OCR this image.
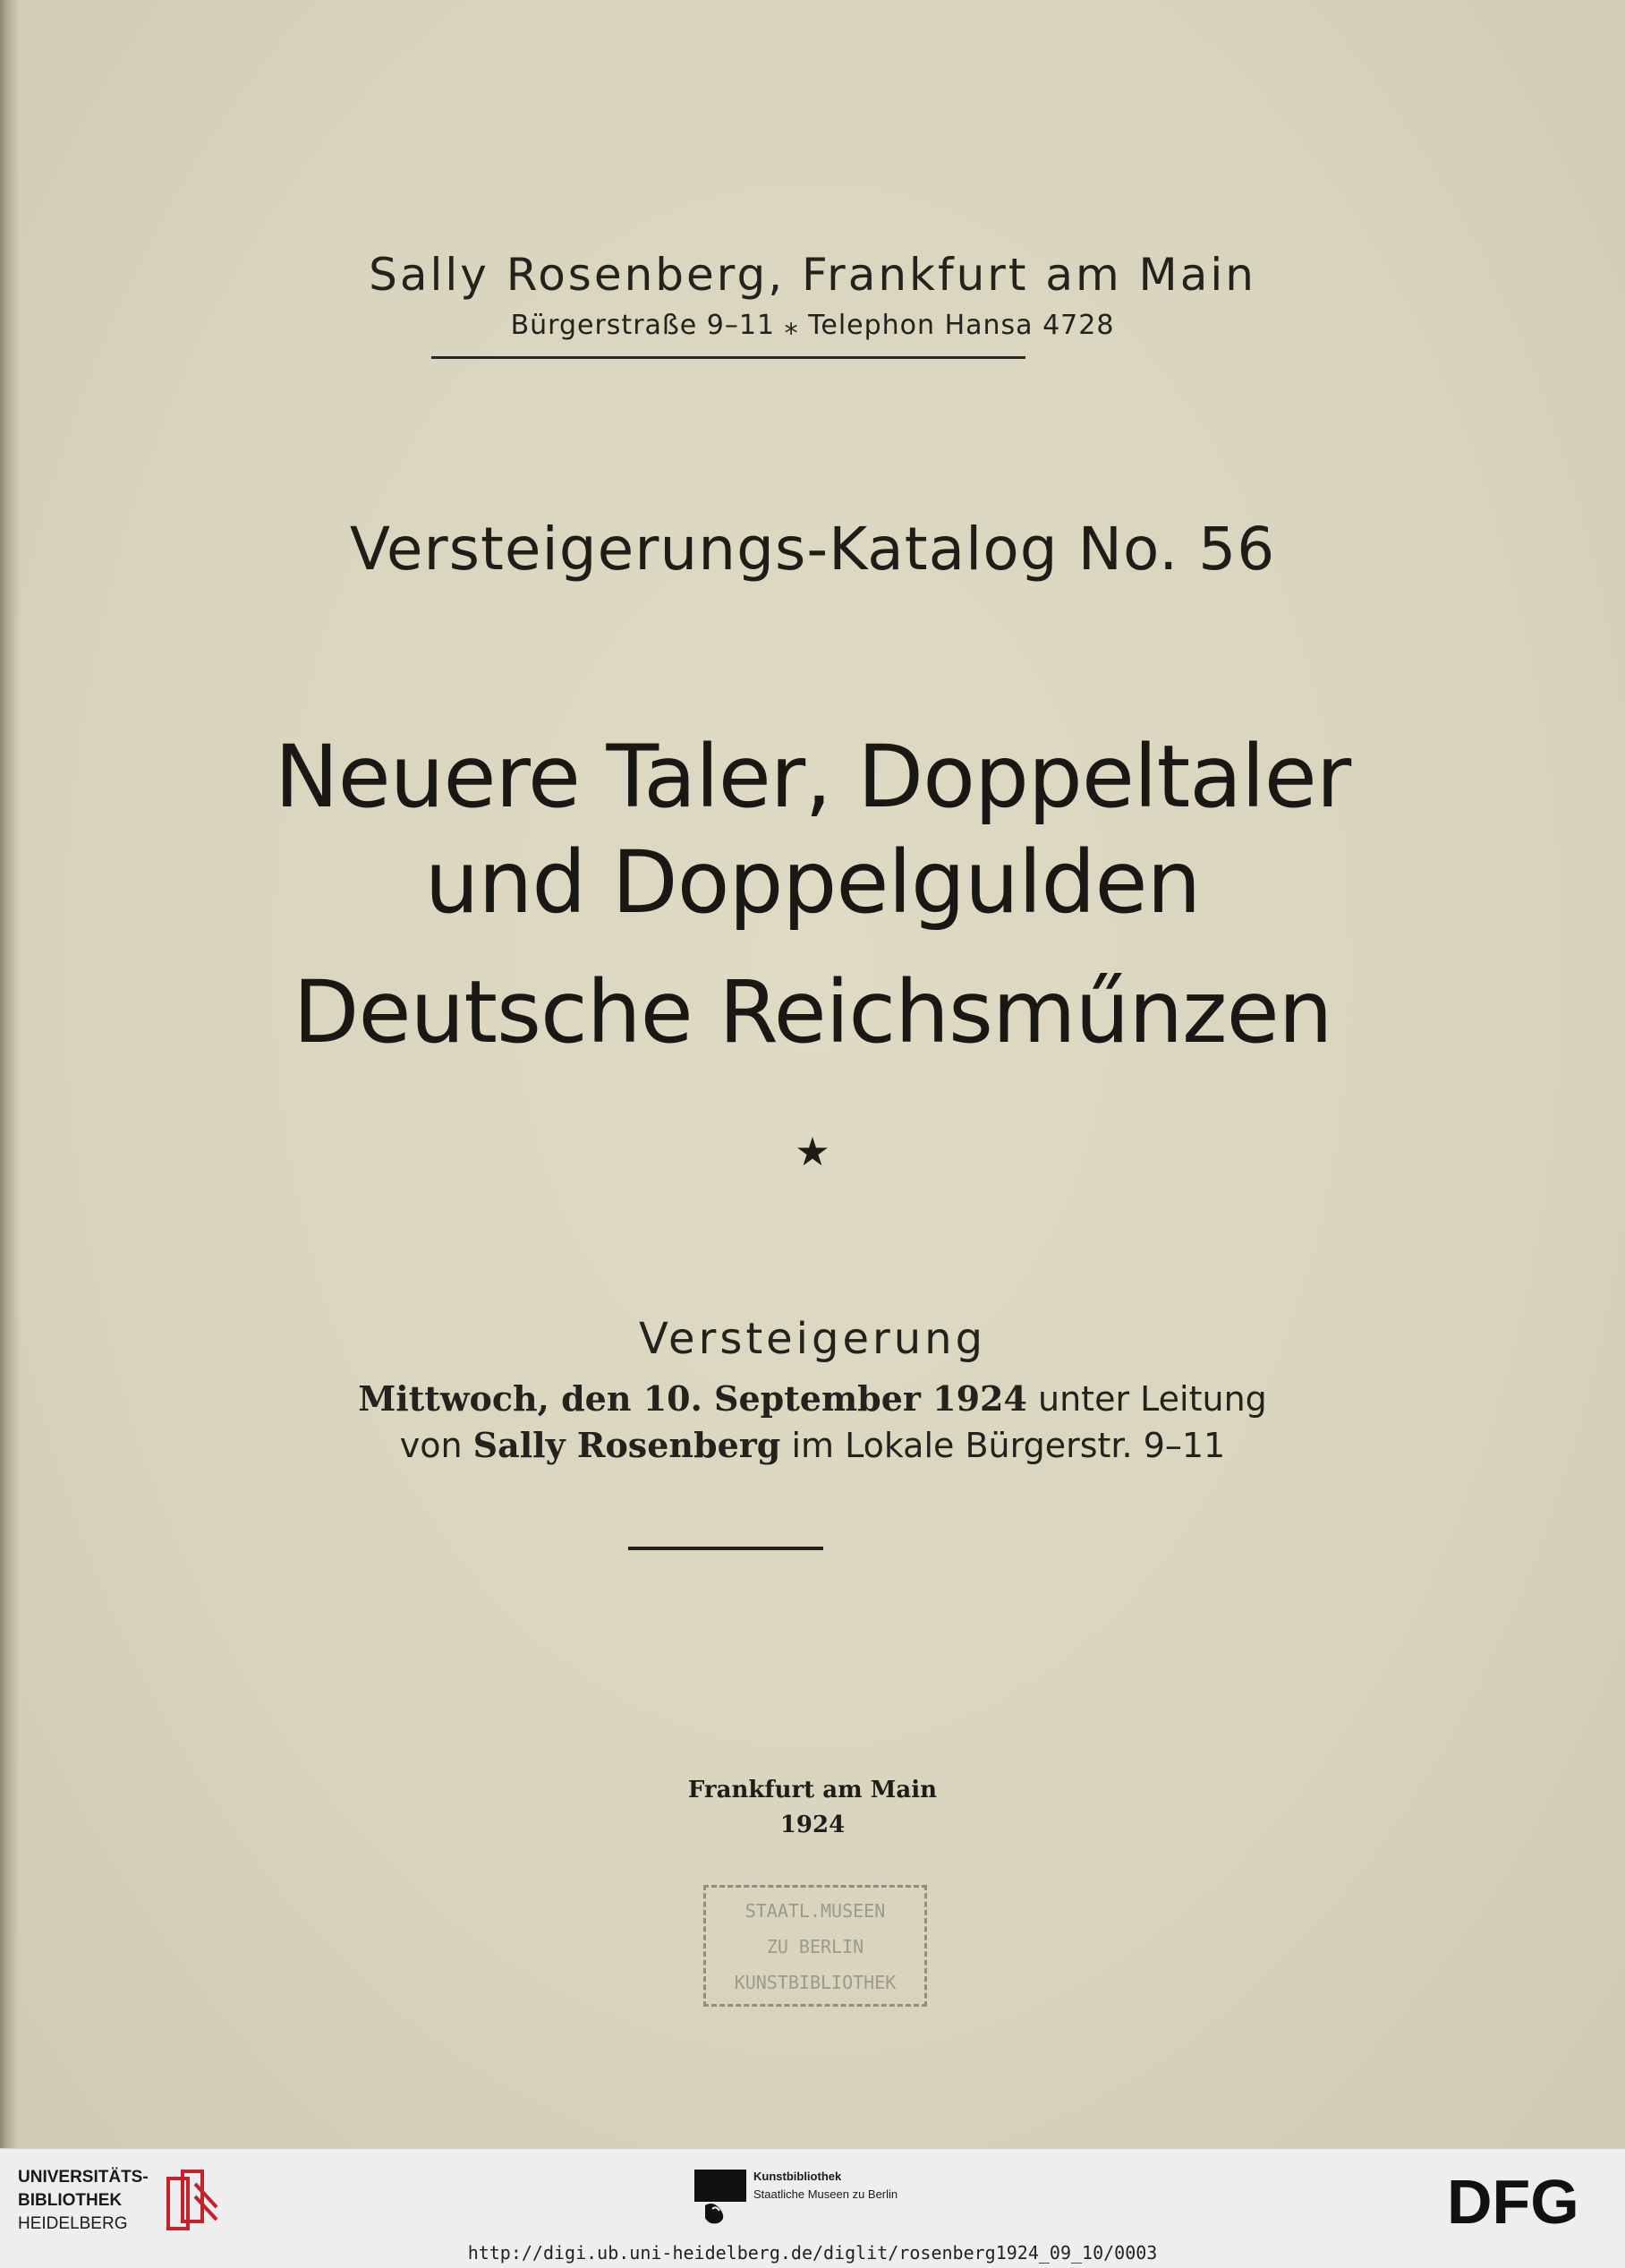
Sally Rosenberg, Frankfurt am Main
Bürgerstraße 9–11 ⁎ Telephon Hansa 4728
Versteigerungs-Katalog No. 56
Neuere Taler, Doppeltaler
und Doppelgulden
Deutsche Reichsműnzen
★
Versteigerung
Mittwoch, den 10. September 1924 unter Leitung
von Sally Rosenberg im Lokale Bürgerstr. 9–11
Frankfurt am Main
1924
STAATL.MUSEEN
ZU BERLIN
KUNSTBIBLIOTHEK
UNIVERSITÄTS-
BIBLIOTHEK
HEIDELBERG
Kunstbibliothek
Staatliche Museen zu Berlin	DFG
http://digi.ub.uni-heidelberg.de/diglit/rosenberg1924_09_10/0003
